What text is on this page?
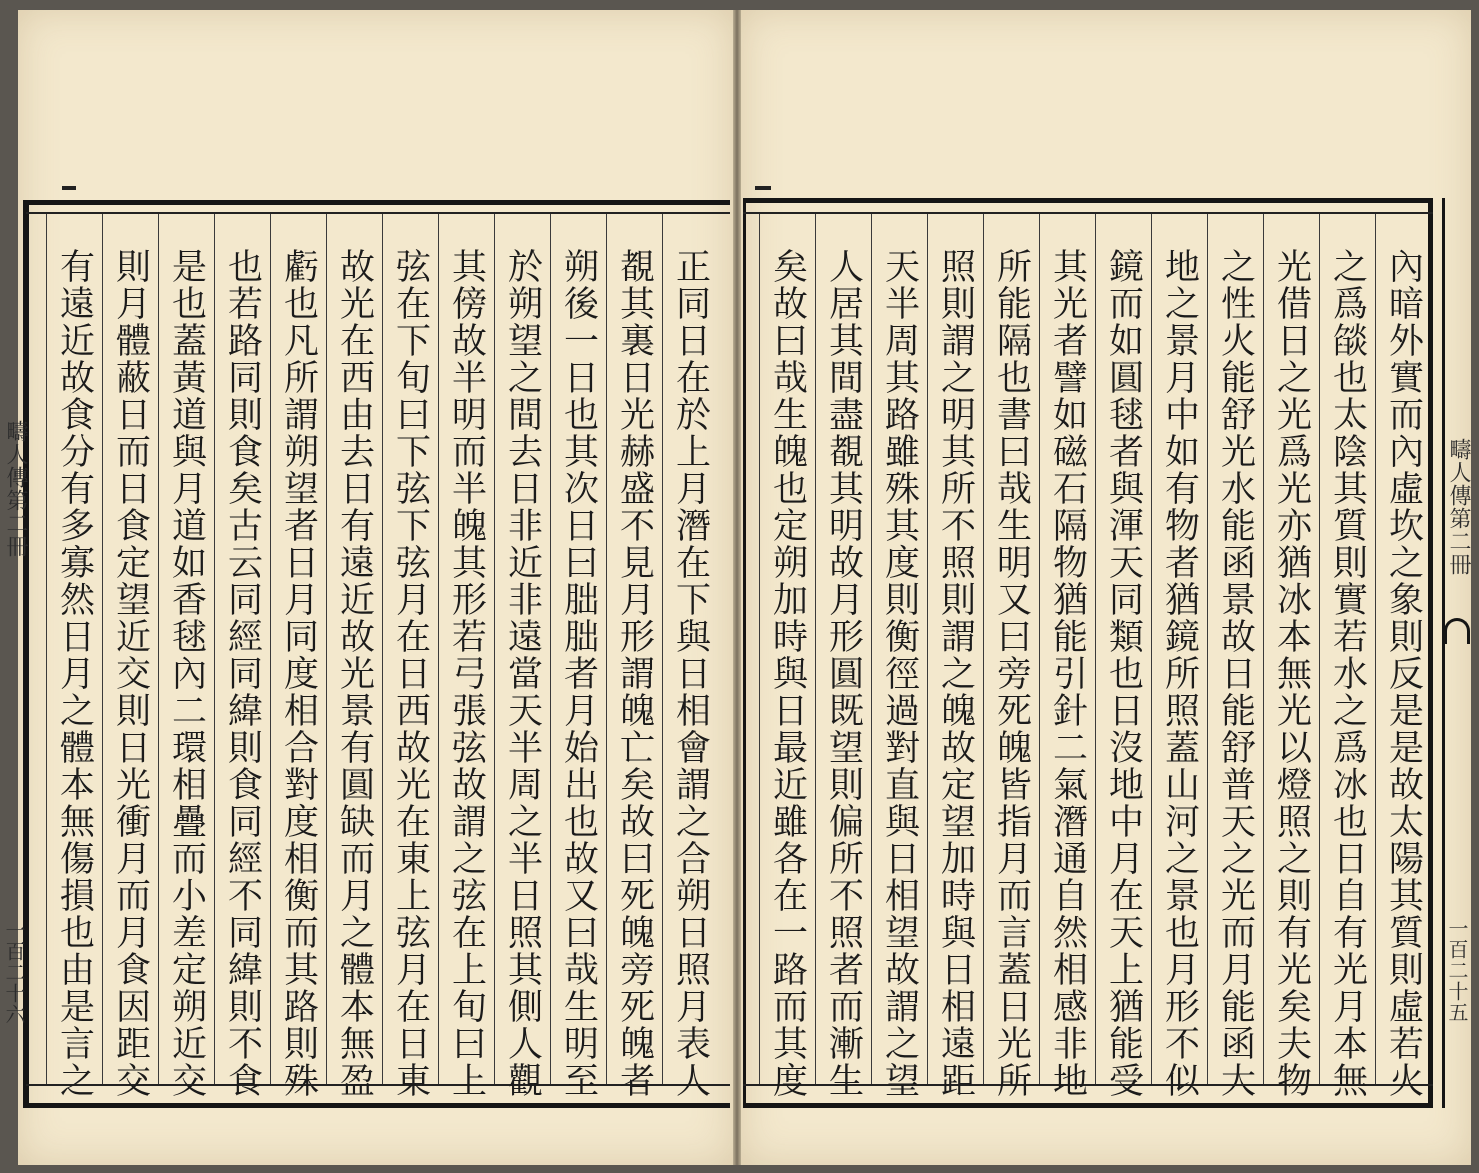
疇人傳第二冊
一百二十六	正同日在於上月潛在下與日相會謂之合朔日照月表人
覩其裏日光赫盛不見月形謂魄亡矣故曰死魄旁死魄者
朔後一日也其次日曰朏朏者月始出也故又曰哉生明至
於朔望之間去日非近非遠當天半周之半日照其側人觀
其傍故半明而半魄其形若弓張弦故謂之弦在上旬曰上
弦在下旬曰下弦下弦月在日西故光在東上弦月在日東
故光在西由去日有遠近故光景有圓缺而月之體本無盈
虧也凡所謂朔望者日月同度相合對度相衡而其路則殊
也若路同則食矣古云同經同緯則食同經不同緯則不食
是也蓋黃道與月道如香毬內二環相疊而小差定朔近交
則月體蔽日而日食定望近交則日光衝月而月食因距交
有遠近故食分有多寡然日月之體本無傷損也由是言之	內暗外實而內虛坎之象則反是是故太陽其質則虛若火
之爲燄也太陰其質則實若水之爲冰也日自有光月本無
光借日之光爲光亦猶冰本無光以燈照之則有光矣夫物
之性火能舒光水能函景故日能舒普天之光而月能函大
地之景月中如有物者猶鏡所照蓋山河之景也月形不似
鏡而如圓毬者與渾天同類也日沒地中月在天上猶能受
其光者譬如磁石隔物猶能引針二氣潛通自然相感非地
所能隔也書曰哉生明又曰旁死魄皆指月而言蓋日光所
照則謂之明其所不照則謂之魄故定望加時與日相遠距
天半周其路雖殊其度則衡徑過對直與日相望故謂之望
人居其間盡覩其明故月形圓既望則偏所不照者而漸生
矣故曰哉生魄也定朔加時與日最近雖各在一路而其度	疇人傳第二冊
一百二十五
